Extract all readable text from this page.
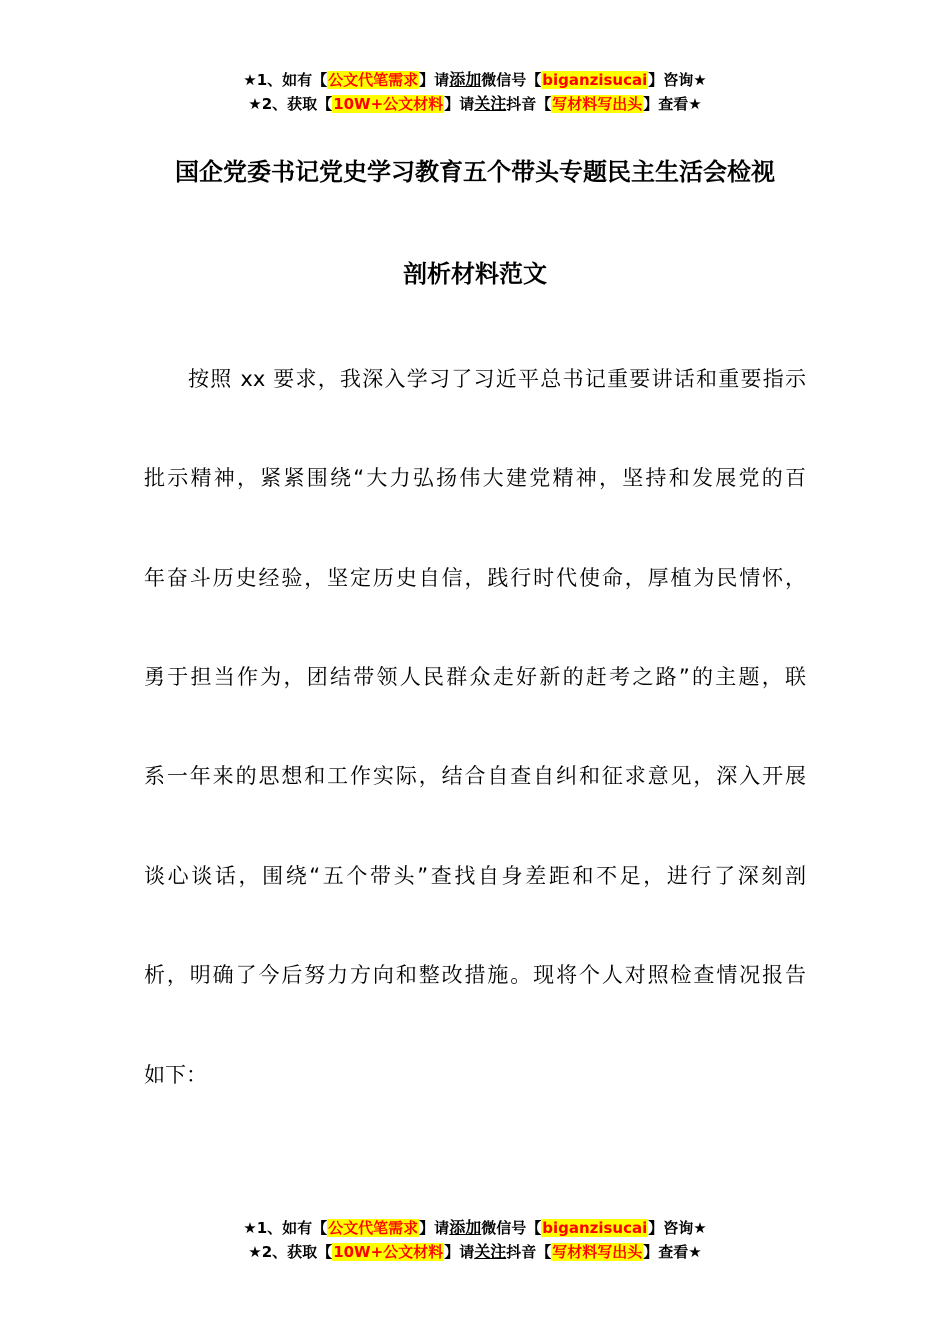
★1、如有【公文代笔需求】请添加微信号【biganzisucai】咨询★
★2、获取【10W+公文材料】请关注抖音【写材料写出头】查看★
国企党委书记党史学习教育五个带头专题民主生活会检视
剖析材料范文
按照 xx 要求，我深入学习了习近平总书记重要讲话和重要指示
批示精神，紧紧围绕“大力弘扬伟大建党精神，坚持和发展党的百
年奋斗历史经验，坚定历史自信，践行时代使命，厚植为民情怀，
勇于担当作为，团结带领人民群众走好新的赶考之路”的主题，联
系一年来的思想和工作实际，结合自查自纠和征求意见，深入开展
谈心谈话，围绕“五个带头”查找自身差距和不足，进行了深刻剖
析，明确了今后努力方向和整改措施。现将个人对照检查情况报告
如下：
★1、如有【公文代笔需求】请添加微信号【biganzisucai】咨询★
★2、获取【10W+公文材料】请关注抖音【写材料写出头】查看★
